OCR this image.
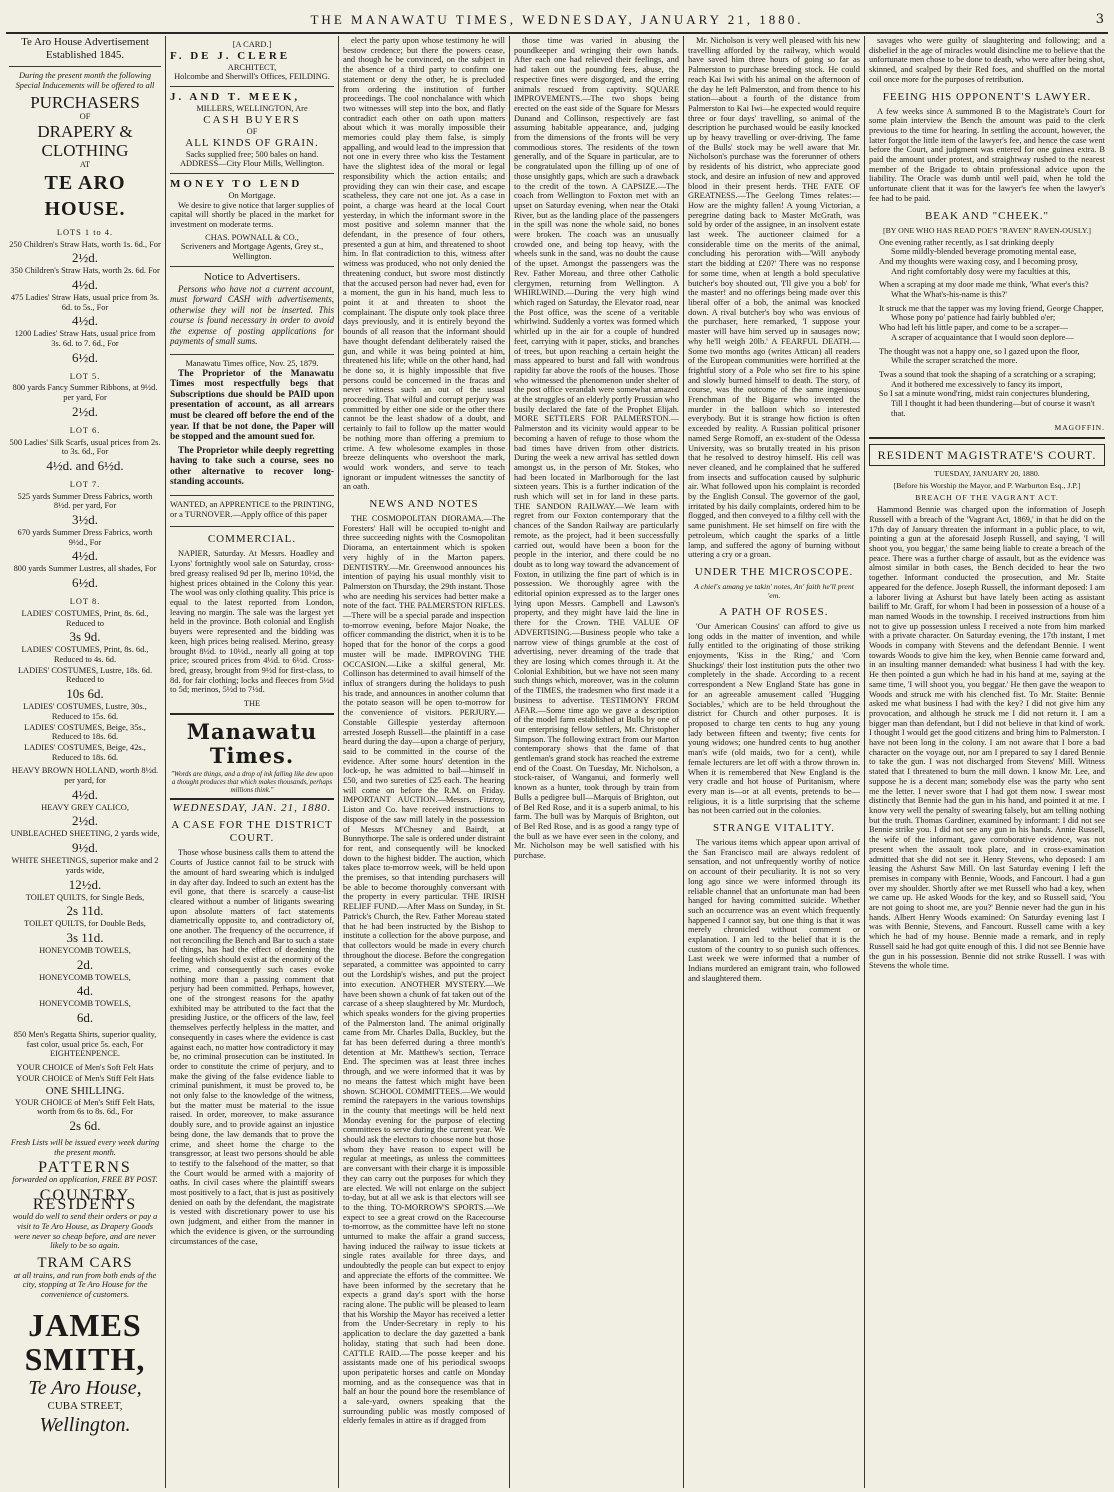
THE MANAWATU TIMES, WEDNESDAY, JANUARY 21, 1880.	3
Te Aro House Advertisement
Established 1845.
During the present month the following Special Inducements will be offered to all
PURCHASERS
OF
DRAPERY & CLOTHING
AT
TE ARO HOUSE.
LOTS 1 to 4.
250 Children's Straw Hats, worth 1s. 6d., For
2½d.
350 Children's Straw Hats, worth 2s. 6d. For
4½d.
475 Ladies' Straw Hats, usual price from 3s. 6d. to 5s., For
4½d.
1200 Ladies' Straw Hats, usual price from 3s. 6d. to 7. 6d., For
6½d.
LOT 5.
800 yards Fancy Summer Ribbons, at 9½d. per yard, For
2½d.
LOT 6.
500 Ladies' Silk Scarfs, usual prices from 2s. to 3s. 6d., For
4½d. and 6½d.
LOT 7.
525 yards Summer Dress Fabrics, worth 8½d. per yard, For
3½d.
670 yards Summer Dress Fabrics, worth 9½d., For
4½d.
800 yards Summer Lustres, all shades, For
6½d.
LOT 8.
LADIES' COSTUMES, Print, 8s. 6d., Reduced to
3s 9d.
LADIES' COSTUMES, Print, 8s. 6d., Reduced to 4s. 6d.
LADIES' COSTUMES, Lustre, 18s. 6d. Reduced to
10s 6d.
LADIES' COSTUMES, Lustre, 30s., Reduced to 15s. 6d.
LADIES' COSTUMES, Beige, 35s., Reduced to 18s. 6d.
LADIES' COSTUMES, Beige, 42s., Reduced to 18s. 6d.
HEAVY BROWN HOLLAND, worth 8½d. per yard, for
4½d.
HEAVY GREY CALICO,
2½d.
UNBLEACHED SHEETING, 2 yards wide,
9½d.
WHITE SHEETINGS, superior make and 2 yards wide,
12½d.
TOILET QUILTS, for Single Beds,
2s 11d.
TOILET QUILTS, for Double Beds,
3s 11d.
HONEYCOMB TOWELS,
2d.
HONEYCOMB TOWELS,
4d.
HONEYCOMB TOWELS,
6d.
850 Men's Regatta Shirts, superior quality, fast color, usual price 5s. each, For EIGHTEENPENCE.
YOUR CHOICE of Men's Soft Felt Hats
YOUR CHOICE of Men's Stiff Felt Hats
ONE SHILLING.
YOUR CHOICE of Men's Stiff Felt Hats, worth from 6s to 8s. 6d., For
2s 6d.
Fresh Lists will be issued every week during the present month.
PATTERNS
forwarded on application, FREE BY POST.
COUNTRY RESIDENTS
would do well to send their orders or pay a visit to Te Aro House, as Drapery Goods were never so cheap before, and are never likely to be so again.
TRAM CARS
at all trains, and run from both ends of the city, stopping at Te Aro House for the convenience of customers.
JAMES SMITH,
Te Aro House,
CUBA STREET,
Wellington.
[A CARD.]
F. DE J. CLERE
ARCHITECT,
Holcombe and Sherwill's Offices, FEILDING.
J. AND T. MEEK,
MILLERS, WELLINGTON, Are
CASH BUYERS
OF
ALL KINDS OF GRAIN.
Sacks supplied free; 500 bales on hand.
ADDRESS—City Flour Mills, Wellington.
MONEY TO LEND
On Mortgage.

We desire to give notice that larger supplies of capital will shortly be placed in the market for investment on moderate terms.

CHAS. POWNALL & CO.,
Scriveners and Mortgage Agents, Grey st., Wellington.
Notice to Advertisers.

Persons who have not a current account, must forward CASH with advertisements, otherwise they will not be inserted. This course is found necessary in order to avoid the expense of posting applications for payments of small sums.

Manawatu Times office, Nov. 25, 1879.

The Proprietor of the Manawatu Times most respectfully begs that Subscriptions due should be PAID upon presentation of account, as all arrears must be cleared off before the end of the year. If that be not done, the Paper will be stopped and the amount sued for.

The Proprietor while deeply regretting having to take such a course, sees no other alternative to recover long-standing accounts.

WANTED, an APPRENTICE to the PRINTING, or a TURNOVER.—Apply office of this paper

COMMERCIAL.

NAPIER, Saturday. At Messrs. Hoadley and Lyons' fortnightly wool sale on Saturday, cross-bred greasy realised 9d per lb, merino 10½d, the highest prices obtained in the Colony this year. The wool was only clothing quality. This price is equal to the latest reported from London, leaving no margin. The sale was the largest yet held in the province. Both colonial and English buyers were represented and the bidding was keen, high prices being realised. Merino, greasy brought 8½d. to 10½d., nearly all going at top price; scoured prices from 4½d. to 6½d. Cross-bred, greasy, brought from 9½d for first-class, to 8d. for fair clothing; locks and fleeces from 5½d to 5d; merinos, 5½d to 7½d.

THE
Manawatu Times.
"Words are things, and a drop of ink falling like dew upon a thought produces that which makes thousands, perhaps millions think."
WEDNESDAY, JAN. 21, 1880.
A CASE FOR THE DISTRICT COURT.

Those whose business calls them to attend the Courts of Justice cannot fail to be struck with the amount of hard swearing which is indulged in day after day. Indeed to such an extent has the evil gone, that there is scarcely a cause-list cleared without a number of litigants swearing upon absolute matters of fact statements diametrically opposite to, and contradictory of, one another. The frequency of the occurrence, if not reconciling the Bench and Bar to such a state of things, has had the effect of deadening the feeling which should exist at the enormity of the crime, and consequently such cases evoke nothing more than a passing comment that perjury had been committed. Perhaps, however, one of the strongest reasons for the apathy exhibited may be attributed to the fact that the presiding Justice, or the officers of the law, feel themselves perfectly helpless in the matter, and consequently in cases where the evidence is cast against each, no matter how contradictory it may be, no criminal prosecution can be instituted. In order to constitute the crime of perjury, and to make the giving of the false evidence liable to criminal punishment, it must be proved to, be not only false to the knowledge of the witness, but the matter must be material to the issue raised. In order, moreover, to make assurance doubly sure, and to provide against an injustice being done, the law demands that to prove the crime, and sheet home the charge to the transgressor, at least two persons should be able to testify to the falsehood of the matter, so that the Court would be armed with a majority of oaths. In civil cases where the plaintiff swears most positively to a fact, that is just as positively denied on oath by the defendant, the magistrate is vested with discretionary power to use his own judgment, and either from the manner in which the evidence is given, or the surrounding circumstances of the case,

elect the party upon whose testimony he will bestow credence; but there the powers cease, and though he be convinced, on the subject in the absence of a third party to confirm one statement or deny the other, he is precluded from ordering the institution of further proceedings. The cool nonchalance with which two witnesses will step into the box, and flatly contradict each other on oath upon matters about which it was morally impossible their memories could play them false, is simply appalling, and would lead to the impression that not one in every three who kiss the Testament have the slightest idea of the moral or legal responsibility which the action entails; and providing they can win their case, and escape scatheless, they care not one jot. As a case in point, a charge was heard at the local Court yesterday, in which the informant swore in the most positive and solemn manner that the defendant, in the presence of four others, presented a gun at him, and threatened to shoot him. In flat contradiction to this, witness after witness was produced, who not only denied the threatening conduct, but swore most distinctly that the accused person had never had, even for a moment, the gun in his hand, much less to point it at and threaten to shoot the complainant. The dispute only took place three days previously, and it is entirely beyond the bounds of all reason that the informant should have thought defendant deliberately raised the gun, and while it was being pointed at him, threatened his life; while on the other hand, had he done so, it is highly impossible that five persons could be concerned in the fracas and never witness such an out of the usual proceeding. That wilful and corrupt perjury was committed by either one side or the other there cannot be the least shadow of a doubt, and certainly to fail to follow up the matter would be nothing more than offering a premium to crime. A few wholesome examples in those breeze delinquents who overshoot the mark, would work wonders, and serve to teach ignorant or impudent witnesses the sanctity of an oath.

NEWS AND NOTES

THE COSMOPOLITAN DIORAMA.—The Foresters' Hall will be occupied to-night and three succeeding nights with the Cosmopolitan Diorama, an entertainment which is spoken very highly of in the Marton papers. DENTISTRY.—Mr. Greenwood announces his intention of paying his usual monthly visit to Palmerston on Thursday, the 29th instant. Those who are needing his services had better make a note of the fact. THE PALMERSTON RIFLES.—There will be a special parade and inspection to-morrow evening, before Major Noake, the officer commanding the district, when it is to be hoped that for the honor of the corps a good muster will be made. IMPROVING THE OCCASION.—Like a skilful general, Mr. Collinson has determined to avail himself of the influx of strangers during the holidays to push his trade, and announces in another column that the potato season will be open to-morrow for the convenience of visitors. PERJURY.—Constable Gillespie yesterday afternoon arrested Joseph Russell—the plaintiff in a case heard during the day—upon a charge of perjury, said to be committed in the course of the evidence. After some hours' detention in the lock-up, he was admitted to bail—himself in £50, and two sureties of £25 each. The hearing will come on before the R.M. on Friday. IMPORTANT AUCTION.—Messrs. Fitzroy, Liston and Co. have received instructions to dispose of the saw mill lately in the possession of Messrs M'Chesney and Bairdt, at Bunnythorpe. The sale is ordered under distraint for rent, and consequently will be knocked down to the highest bidder. The auction, which takes place to-morrow week, will be held upon the premises, so that intending purchasers will be able to become thoroughly conversant with the property in every particular. THE IRISH RELIEF FUND.—After Mass on Sunday, in St. Patrick's Church, the Rev. Father Moreau stated that he had been instructed by the Bishop to institute a collection for the above purpose, and that collectors would be made in every church throughout the diocese. Before the congregation separated, a committee was appointed to carry out the Lordship's wishes, and put the project into execution. ANOTHER MYSTERY.—We have been shown a chunk of fat taken out of the carcase of a sheep slaughtered by Mr. Murdoch, which speaks wonders for the giving properties of the Palmerston land. The animal originally came from Mr. Charles Dalla, Buckley, but the fat has been deferred during a three month's detention at Mr. Matthew's section, Terrace End. The specimen was at least three inches through, and we were informed that it was by no means the fattest which might have been shown. SCHOOL COMMITTEES.—We would remind the ratepayers in the various townships in the county that meetings will be held next Monday evening for the purpose of electing committees to serve during the current year. We should ask the electors to choose none but those whom they have reason to expect will be regular at meetings, as unless the committees are conversant with their charge it is impossible they can carry out the purposes for which they are elected. We will not enlarge on the subject to-day, but at all we ask is that electors will see to the thing. TO-MORROW'S SPORTS.—We expect to see a great crowd on the Racecourse to-morrow, as the committee have left no stone unturned to make the affair a grand success, having induced the railway to issue tickets at single rates available for three days, and undoubtedly the people can but expect to enjoy and appreciate the efforts of the committee. We have been informed by the secretary that he expects a grand day's sport with the horse racing alone. The public will be pleased to learn that his Worship the Mayor has received a letter from the Under-Secretary in reply to his application to declare the day gazetted a bank holiday, stating that such had been done. CATTLE RAID.—The posse keeper and his assistants made one of his periodical swoops upon peripatetic horses and cattle on Monday morning, and as the consequence was that in half an hour the pound bore the resemblance of a sale-yard, owners speaking that the surrounding public was mostly composed of elderly females in attire as if dragged from

those time was varied in abusing the poundkeeper and wringing their own hands. After each one had relieved their feelings, and had taken out the pounding fees, abuse, the respective fines were disgorged, and the erring animals rescued from captivity. SQUARE IMPROVEMENTS.—The two shops being erected on the east side of the Square for Messrs Dunand and Collinson, respectively are fast assuming habitable appearance, and, judging from the dimensions of the fronts will be very commodious stores. The residents of the town generally, and of the Square in particular, are to be congratulated upon the filling up of one of those unsightly gaps, which are such a drawback to the credit of the town. A CAPSIZE.—The coach from Wellington to Foxton met with an upset on Saturday evening, when near the Otaki River, but as the landing place of the passengers in the spill was none the whole said, no bones were broken. The coach was an unusually crowded one, and being top heavy, with the wheels sunk in the sand, was no doubt the cause of the upset. Amongst the passengers was the Rev. Father Moreau, and three other Catholic clergymen, returning from Wellington. A WHIRLWIND.—During the very high wind which raged on Saturday, the Elevator road, near the Post office, was the scene of a veritable whirlwind. Suddenly a vortex was formed which whirled up in the air for a couple of hundred feet, carrying with it paper, sticks, and branches of trees, but upon reaching a certain height the mass appeared to burst and fall with wondrous rapidity far above the roofs of the houses. Those who witnessed the phenomenon under shelter of the post office verandah were somewhat amazed at the struggles of an elderly portly Prussian who busily declared the fate of the Prophet Elijah. MORE SETTLERS FOR PALMERSTON.—Palmerston and its vicinity would appear to be becoming a haven of refuge to those whom the bad times have driven from other districts. During the week a new arrival has settled down amongst us, in the person of Mr. Stokes, who had been located in Marlborough for the last sixteen years. This is a further indication of the rush which will set in for land in these parts. THE SANDON RAILWAY.—We learn with regret from our Foxton contemporary that the chances of the Sandon Railway are particularly remote, as the project, had it been successfully carried out, would have been a boon for the people in the interior, and there could be no doubt as to long way toward the advancement of Foxton, in utilizing the fine part of which is in possession. We thoroughly agree with the editorial opinion expressed as to the larger ones lying upon Messrs. Campbell and Lawson's property, and they might have laid the line in there for the Crown. THE VALUE OF ADVERTISING.—Business people who take a narrow view of things grumble at the cost of advertising, never dreaming of the trade that they are losing which comes through it. At the Colonial Exhibition, but we have not seen many such things which, moreover, was in the column of the TIMES, the tradesmen who first made it a business to advertise. TESTIMONY FROM AFAR.—Some time ago we gave a description of the model farm established at Bulls by one of our enterprising fellow settlers, Mr. Christopher Simpson. The following extract from our Marton contemporary shows that the fame of that gentleman's grand stock has reached the extreme end of the Coast. On Tuesday, Mr. Nicholson, a stock-raiser, of Wanganui, and formerly well known as a hunter, took through by train from Bulls a pedigree bull—Marquis of Brighton, out of Bel Red Rose, and it is a superb animal, to his farm. The bull was by Marquis of Brighton, out of Bel Red Rose, and is as good a rangy type of the bull as we have ever seen in the colony, and Mr. Nicholson may be well satisfied with his purchase.

Mr. Nicholson is very well pleased with his new travelling afforded by the railway, which would have saved him three hours of going so far as Palmerston to purchase breeding stock. He could reach Kai Iwi with his animal on the afternoon of the day he left Palmerston, and from thence to his station—about a fourth of the distance from Palmerston to Kai Iwi—he expected would require three or four days' travelling, so animal of the description he purchased would be easily knocked up by heavy travelling or over-driving. The fame of the Bulls' stock may be well aware that Mr. Nicholson's purchase was the forerunner of others by residents of his district, who appreciate good stock, and desire an infusion of new and approved blood in their present herds. THE FATE OF GREATNESS.—The Geelong Times relates:—How are the mighty fallen! A young Victorian, a peregrine dating back to Master McGrath, was sold by order of the assignee, in an insolvent estate last week. The auctioneer claimed for a considerable time on the merits of the animal, concluding his peroration with—'Will anybody start the bidding at £20?' There was no response for some time, when at length a bold speculative butcher's boy shouted out, 'I'll give you a bob' for the master! and no offerings being made over this liberal offer of a bob, the animal was knocked down. A rival butcher's boy who was envious of the purchaser, here remarked, 'I suppose your master will have him served up in sausages now; why he'll weigh 20lb.' A FEARFUL DEATH.—Some two months ago (writes Attican) all readers of the European communities were horrified at the frightful story of a Pole who set fire to his spine and slowly burned himself to death. The story, of course, was the outcome of the same ingenious Frenchman of the Bigarre who invented the murder in the balloon which so interested everybody. But it is strange how fiction is often exceeded by reality. A Russian political prisoner named Serge Romoff, an ex-student of the Odessa University, was so brutally treated in his prison that he resolved to destroy himself. His cell was never cleaned, and he complained that he suffered from insects and suffocation caused by sulphuric air. What followed upon his complaint is recorded by the English Consul. The governor of the gaol, irritated by his daily complaints, ordered him to be flogged, and then conveyed to a filthy cell with the same punishment. He set himself on fire with the petroleum, which caught the sparks of a little lamp, and suffered the agony of burning without uttering a cry or a groan.

UNDER THE MICROSCOPE.
A chiel's amang ye takin' notes, An' faith he'll prent 'em.
A PATH OF ROSES.

'Our American Cousins' can afford to give us long odds in the matter of invention, and while fully entitled to the originating of those striking enjoyments, 'Kiss in the Ring,' and 'Corn Shuckings' their lost institution puts the other two completely in the shade. According to a recent correspondent a New England State has gone in for an agreeable amusement called 'Hugging Sociables,' which are to be held throughout the district for Church and other purposes. It is proposed to charge ten cents to hug any young lady between fifteen and twenty; five cents for young widows; one hundred cents to hug another man's wife (old maids, two for a cent), while female lecturers are let off with a throw thrown in. When it is remembered that New England is the very cradle and hot house of Puritanism, where every man is—or at all events, pretends to be—religious, it is a little surprising that the scheme has not been carried out in the colonies.

STRANGE VITALITY.

The various items which appear upon arrival of the San Francisco mail are always redolent of sensation, and not unfrequently worthy of notice on account of their peculiarity. It is not so very long ago since we were informed through its reliable channel that an unfortunate man had been hanged for having committed suicide. Whether such an occurrence was an event which frequently happened I cannot say, but one thing is that it was merely chronicled without comment or explanation. I am led to the belief that it is the custom of the country to so punish such offences. Last week we were informed that a number of Indians murdered an emigrant train, who followed and slaughtered them.

savages who were guilty of slaughtering and following; and a disbelief in the age of miracles would disincline me to believe that the unfortunate men chose to be done to death, who were after being shot, skinned, and scalped by their Red foes, and shuffled on the mortal coil once more for the purposes of retribution.

FEEING HIS OPPONENT'S LAWYER.

A few weeks since A summoned B to the Magistrate's Court for some plain interview the Bench the amount was paid to the clerk previous to the time for hearing. In settling the account, however, the latter forgot the little item of the lawyer's fee, and hence the case went before the Court, and judgment was entered for one guinea extra. B paid the amount under protest, and straightway rushed to the nearest member of the Brigade to obtain professional advice upon the liability. The Oracle was dumb until well paid, when he told the unfortunate client that it was for the lawyer's fee when the lawyer's fee had to be paid.

BEAK AND "CHEEK."
[BY ONE WHO HAS READ POE'S "RAVEN" RAVEN-OUSLY.]

One evening rather recently, as I sat drinking deeply

Some mildly-blended beverage promoting mental ease,

And my thoughts were waxing cosy, and I becoming prosy,

And right comfortably dosy were my faculties at this,

When a scraping at my door made me think, 'What ever's this?

What the What's-his-name is this?'

It struck me that the tapper was my loving friend, George Chapper,

Whose pony po' patience had fairly bubbled o'er;

Who had left his little paper, and come to be a scraper—

A scraper of acquaintance that I would soon deplore—

The thought was not a happy one, so I gazed upon the floor,

While the scraper scratched the more.

Twas a sound that took the shaping of a scratching or a scraping;

And it bothered me excessively to fancy its import,

So I sat a minute wond'ring, midst rain conjectures blundering,

Till I thought it had been thundering—but of course it wasn't that.

MAGOFFIN.

RESIDENT MAGISTRATE'S COURT.
TUESDAY, JANUARY 20, 1880.
[Before his Worship the Mayor, and P. Warburton Esq., J.P.]
BREACH OF THE VAGRANT ACT.

Hammond Bennie was charged upon the information of Joseph Russell with a breach of the 'Vagrant Act, 1869,' in that he did on the 17th day of January threaten the informant in a public place, to wit, pointing a gun at the aforesaid Joseph Russell, and saying, 'I will shoot you, you beggar,' the same being liable to create a breach of the peace. There was a further charge of assault, but as the evidence was almost similar in both cases, the Bench decided to hear the two together. Informant conducted the prosecution, and Mr. Staite appeared for the defence. Joseph Russell, the informant deposed: I am a laborer living at Ashurst but have lately been acting as assistant bailiff to Mr. Graff, for whom I had been in possession of a house of a man named Woods in the township. I received instructions from him not to give up possession unless I received a note from him marked with a private character. On Saturday evening, the 17th instant, I met Woods in company with Stevens and the defendant Bennie. I went towards Woods to give him the key, when Bennie came forward and, in an insulting manner demanded: what business I had with the key. He then pointed a gun which he had in his hand at me, saying at the same time, 'I will shoot you, you beggar.' He then gave the weapon to Woods and struck me with his clenched fist. To Mr. Staite: Bennie asked me what business I had with the key? I did not give him any provocation, and although he struck me I did not return it. I am a bigger man than defendant, but I did not believe in that kind of work. I thought I would get the good citizens and bring him to Palmerston. I have not been long in the colony. I am not aware that I bore a bad character on the voyage out, nor am I prepared to say I dared Bennie to take the gun. I was not discharged from Stevens' Mill. Witness stated that I threatened to burn the mill down. I know Mr. Lee, and suppose he is a decent man; somebody else was the party who sent me the letter. I never swore that I had got them now. I swear most distinctly that Bennie had the gun in his hand, and pointed it at me. I know very well the penalty of swearing falsely, but am telling nothing but the truth. Thomas Gardiner, examined by informant: I did not see Bennie strike you. I did not see any gun in his hands. Annie Russell, the wife of the informant, gave corroborative evidence, was not present when the assault took place, and in cross-examination admitted that she did not see it. Henry Stevens, who deposed: I am leasing the Ashurst Saw Mill. On last Saturday evening I left the premises in company with Bennie, Woods, and Fancourt. I had a gun over my shoulder. Shortly after we met Russell who had a key, when we came up. He asked Woods for the key, and so Russell said, 'You are not going to shoot me, are you?' Bennie never had the gun in his hands. Albert Henry Woods examined: On Saturday evening last I was with Bennie, Stevens, and Fancourt. Russell came with a key which he had of my house. Bennie made a remark, and in reply Russell said he had got quite enough of this. I did not see Bennie have the gun in his possession. Bennie did not strike Russell. I was with Stevens the whole time.
